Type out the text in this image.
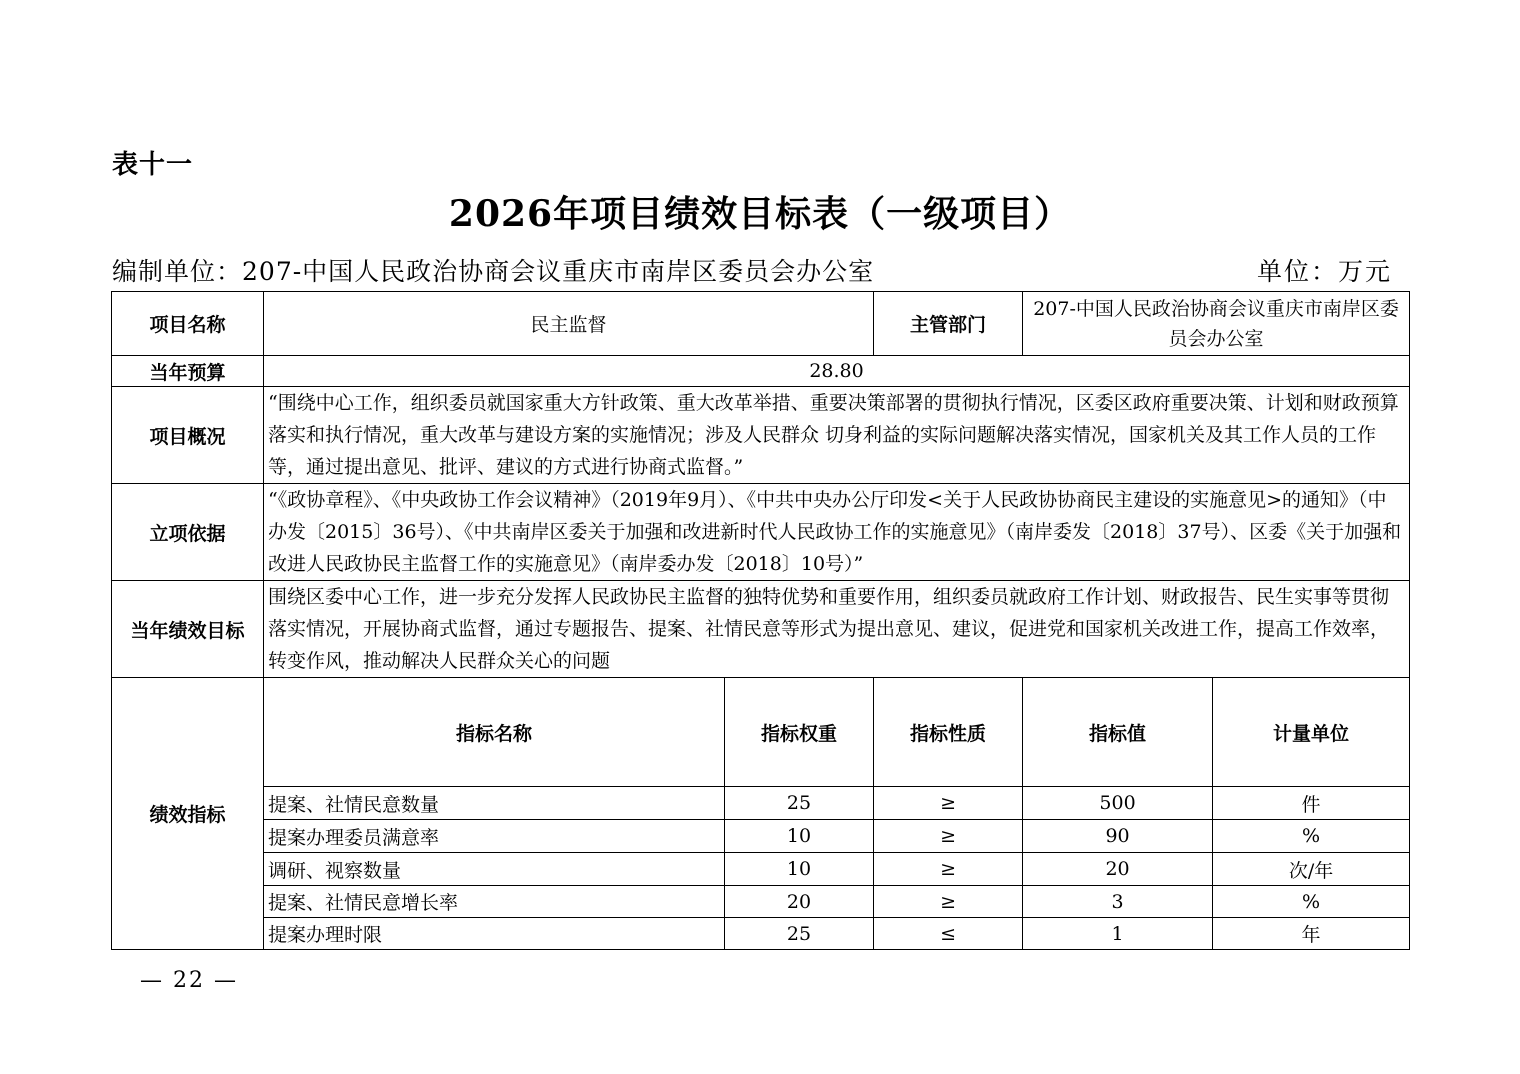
表十一
2026年项目绩效目标表（一级项目）
编制单位：207-中国人民政治协商会议重庆市南岸区委员会办公室	单位：万元
项目名称	民主监督		主管部门	207-中国人民政治协商会议重庆市南岸区委员会办公室		
当年预算	28.80					
项目概况	“围绕中心工作，组织委员就国家重大方针政策、重大改革举措、重要决策部署的贯彻执行情况，区委区政府重要决策、计划和财政预算落实和执行情况，重大改革与建设方案的实施情况；涉及人民群众 切身利益的实际问题解决落实情况，国家机关及其工作人员的工作等，通过提出意见、批评、建议的方式进行协商式监督。”					
立项依据	“《政协章程》、《中央政协工作会议精神》（2019年9月）、《中共中央办公厅印发<关于人民政协协商民主建设的实施意见>的通知》（中办发〔2015〕36号）、《中共南岸区委关于加强和改进新时代人民政协工作的实施意见》（南岸委发〔2018〕37号）、区委《关于加强和改进人民政协民主监督工作的实施意见》（南岸委办发〔2018〕10号）”					
当年绩效目标	围绕区委中心工作，进一步充分发挥人民政协民主监督的独特优势和重要作用，组织委员就政府工作计划、财政报告、民生实事等贯彻落实情况，开展协商式监督，通过专题报告、提案、社情民意等形式为提出意见、建议，促进党和国家机关改进工作，提高工作效率，转变作风，推动解决人民群众关心的问题					
绩效指标	指标名称	指标权重	指标性质	指标值	计量单位	
	提案、社情民意数量	25	≥	500	件	
	提案办理委员满意率	10	≥	90	%	
	调研、视察数量	10	≥	20	次/年	
	提案、社情民意增长率	20	≥	3	%	
	提案办理时限	25	≤	1	年	
— 22 —
